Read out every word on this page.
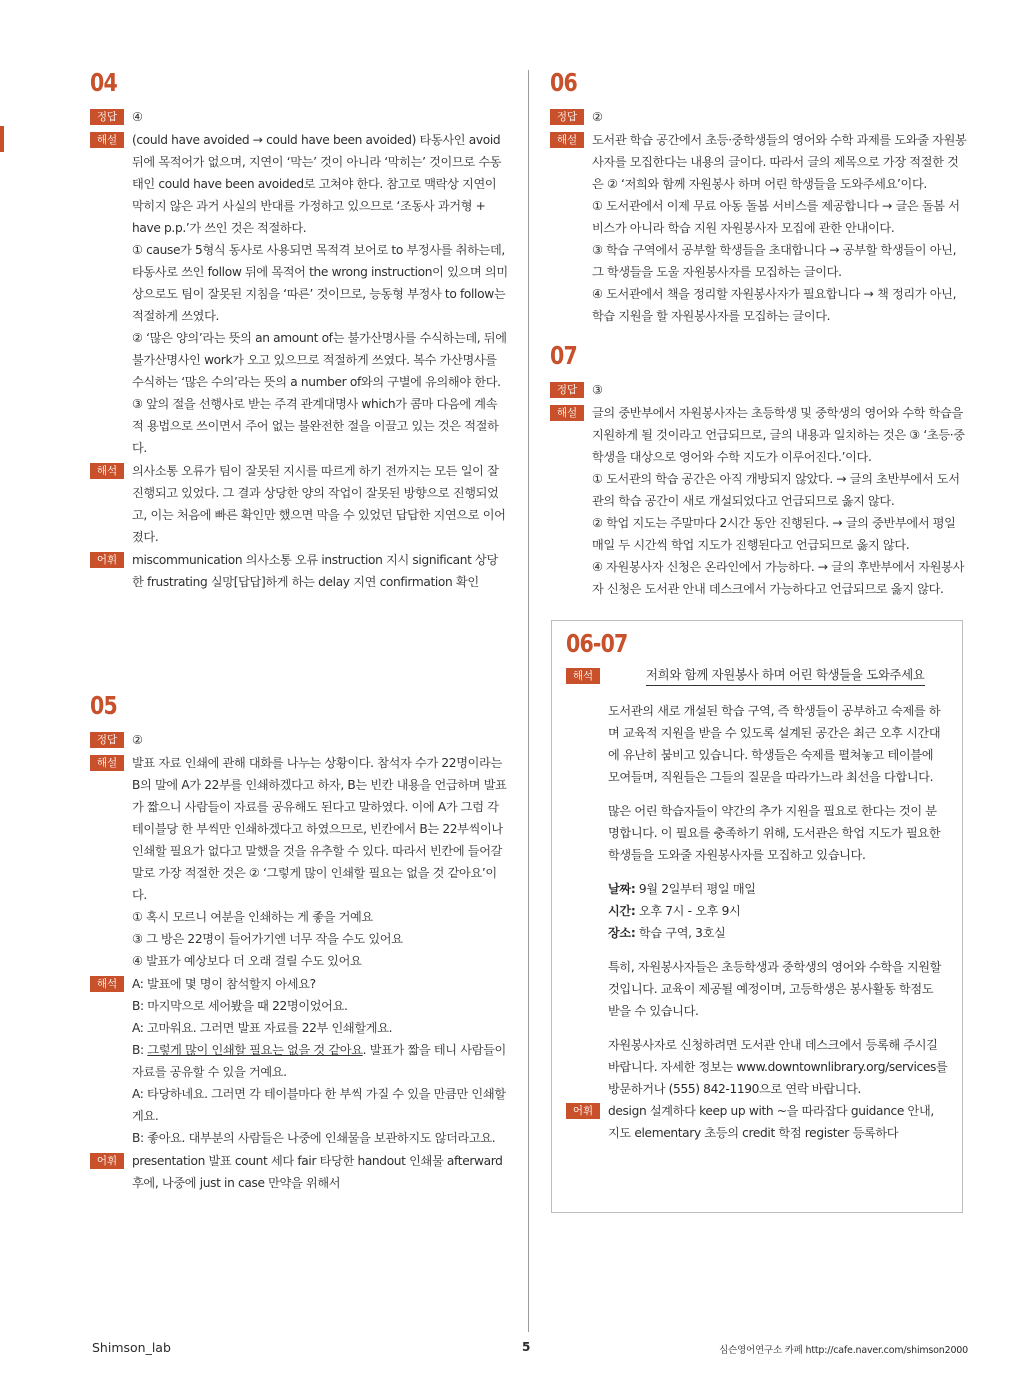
04
정답	④
해설	(could have avoided → could have been avoided) 타동사인 avoid 뒤에 목적어가 없으며, 지연이 ‘막는’ 것이 아니라 ‘막히는’ 것이므로 수동태인 could have been avoided로 고쳐야 한다. 참고로 맥락상 지연이 막히지 않은 과거 사실의 반대를 가정하고 있으므로 ‘조동사 과거형 + have p.p.’가 쓰인 것은 적절하다.

① cause가 5형식 동사로 사용되면 목적격 보어로 to 부정사를 취하는데, 타동사로 쓰인 follow 뒤에 목적어 the wrong instruction이 있으며 의미상으로도 팀이 잘못된 지침을 ‘따른’ 것이므로, 능동형 부정사 to follow는 적절하게 쓰였다.

② ‘많은 양의’라는 뜻의 an amount of는 불가산명사를 수식하는데, 뒤에 불가산명사인 work가 오고 있으므로 적절하게 쓰였다. 복수 가산명사를 수식하는 ‘많은 수의’라는 뜻의 a number of와의 구별에 유의해야 한다.

③ 앞의 절을 선행사로 받는 주격 관계대명사 which가 콤마 다음에 계속적 용법으로 쓰이면서 주어 없는 불완전한 절을 이끌고 있는 것은 적절하다.

해석	의사소통 오류가 팀이 잘못된 지시를 따르게 하기 전까지는 모든 일이 잘 진행되고 있었다. 그 결과 상당한 양의 작업이 잘못된 방향으로 진행되었고, 이는 처음에 빠른 확인만 했으면 막을 수 있었던 답답한 지연으로 이어졌다.
어휘	miscommunication 의사소통 오류 instruction 지시 significant 상당한 frustrating 실망[답답]하게 하는 delay 지연 confirmation 확인
05
정답	②
해설	발표 자료 인쇄에 관해 대화를 나누는 상황이다. 참석자 수가 22명이라는 B의 말에 A가 22부를 인쇄하겠다고 하자, B는 빈칸 내용을 언급하며 발표가 짧으니 사람들이 자료를 공유해도 된다고 말하였다. 이에 A가 그럼 각 테이블당 한 부씩만 인쇄하겠다고 하였으므로, 빈칸에서 B는 22부씩이나 인쇄할 필요가 없다고 말했을 것을 유추할 수 있다. 따라서 빈칸에 들어갈 말로 가장 적절한 것은 ② ‘그렇게 많이 인쇄할 필요는 없을 것 같아요’이다.

① 혹시 모르니 여분을 인쇄하는 게 좋을 거예요

③ 그 방은 22명이 들어가기엔 너무 작을 수도 있어요

④ 발표가 예상보다 더 오래 걸릴 수도 있어요

해석	A: 발표에 몇 명이 참석할지 아세요?

B: 마지막으로 세어봤을 때 22명이었어요.

A: 고마워요. 그러면 발표 자료를 22부 인쇄할게요.

B: 그렇게 많이 인쇄할 필요는 없을 것 같아요. 발표가 짧을 테니 사람들이 자료를 공유할 수 있을 거예요.

A: 타당하네요. 그러면 각 테이블마다 한 부씩 가질 수 있을 만큼만 인쇄할게요.

B: 좋아요. 대부분의 사람들은 나중에 인쇄물을 보관하지도 않더라고요.

어휘	presentation 발표 count 세다 fair 타당한 handout 인쇄물 afterward 후에, 나중에 just in case 만약을 위해서
06
정답	②
해설	도서관 학습 공간에서 초등·중학생들의 영어와 수학 과제를 도와줄 자원봉사자를 모집한다는 내용의 글이다. 따라서 글의 제목으로 가장 적절한 것은 ② ‘저희와 함께 자원봉사 하며 어린 학생들을 도와주세요’이다.

① 도서관에서 이제 무료 아동 돌봄 서비스를 제공합니다 → 글은 돌봄 서비스가 아니라 학습 지원 자원봉사자 모집에 관한 안내이다.

③ 학습 구역에서 공부할 학생들을 초대합니다 → 공부할 학생들이 아닌, 그 학생들을 도울 자원봉사자를 모집하는 글이다.

④ 도서관에서 책을 정리할 자원봉사자가 필요합니다 → 책 정리가 아닌, 학습 지원을 할 자원봉사자를 모집하는 글이다.

07
정답	③
해설	글의 중반부에서 자원봉사자는 초등학생 및 중학생의 영어와 수학 학습을 지원하게 될 것이라고 언급되므로, 글의 내용과 일치하는 것은 ③ ‘초등·중학생을 대상으로 영어와 수학 지도가 이루어진다.’이다.

① 도서관의 학습 공간은 아직 개방되지 않았다. → 글의 초반부에서 도서관의 학습 공간이 새로 개설되었다고 언급되므로 옳지 않다.

② 학업 지도는 주말마다 2시간 동안 진행된다. → 글의 중반부에서 평일 매일 두 시간씩 학업 지도가 진행된다고 언급되므로 옳지 않다.

④ 자원봉사자 신청은 온라인에서 가능하다. → 글의 후반부에서 자원봉사자 신청은 도서관 안내 데스크에서 가능하다고 언급되므로 옳지 않다.

06-07
해석	저희와 함께 자원봉사 하며 어린 학생들을 도와주세요

도서관의 새로 개설된 학습 구역, 즉 학생들이 공부하고 숙제를 하며 교육적 지원을 받을 수 있도록 설계된 공간은 최근 오후 시간대에 유난히 붐비고 있습니다. 학생들은 숙제를 펼쳐놓고 테이블에 모여들며, 직원들은 그들의 질문을 따라가느라 최선을 다합니다.

많은 어린 학습자들이 약간의 추가 지원을 필요로 한다는 것이 분명합니다. 이 필요를 충족하기 위해, 도서관은 학업 지도가 필요한 학생들을 도와줄 자원봉사자를 모집하고 있습니다.

날짜: 9월 2일부터 평일 매일
시간: 오후 7시 - 오후 9시
장소: 학습 구역, 3호실

특히, 자원봉사자들은 초등학생과 중학생의 영어와 수학을 지원할 것입니다. 교육이 제공될 예정이며, 고등학생은 봉사활동 학점도 받을 수 있습니다.

자원봉사자로 신청하려면 도서관 안내 데스크에서 등록해 주시길 바랍니다. 자세한 정보는 www.downtownlibrary.org/services를 방문하거나 (555) 842-1190으로 연락 바랍니다.

어휘	design 설계하다 keep up with ~을 따라잡다 guidance 안내, 지도 elementary 초등의 credit 학점 register 등록하다
Shimson_lab	5	심슨영어연구소 카페 http://cafe.naver.com/shimson2000
